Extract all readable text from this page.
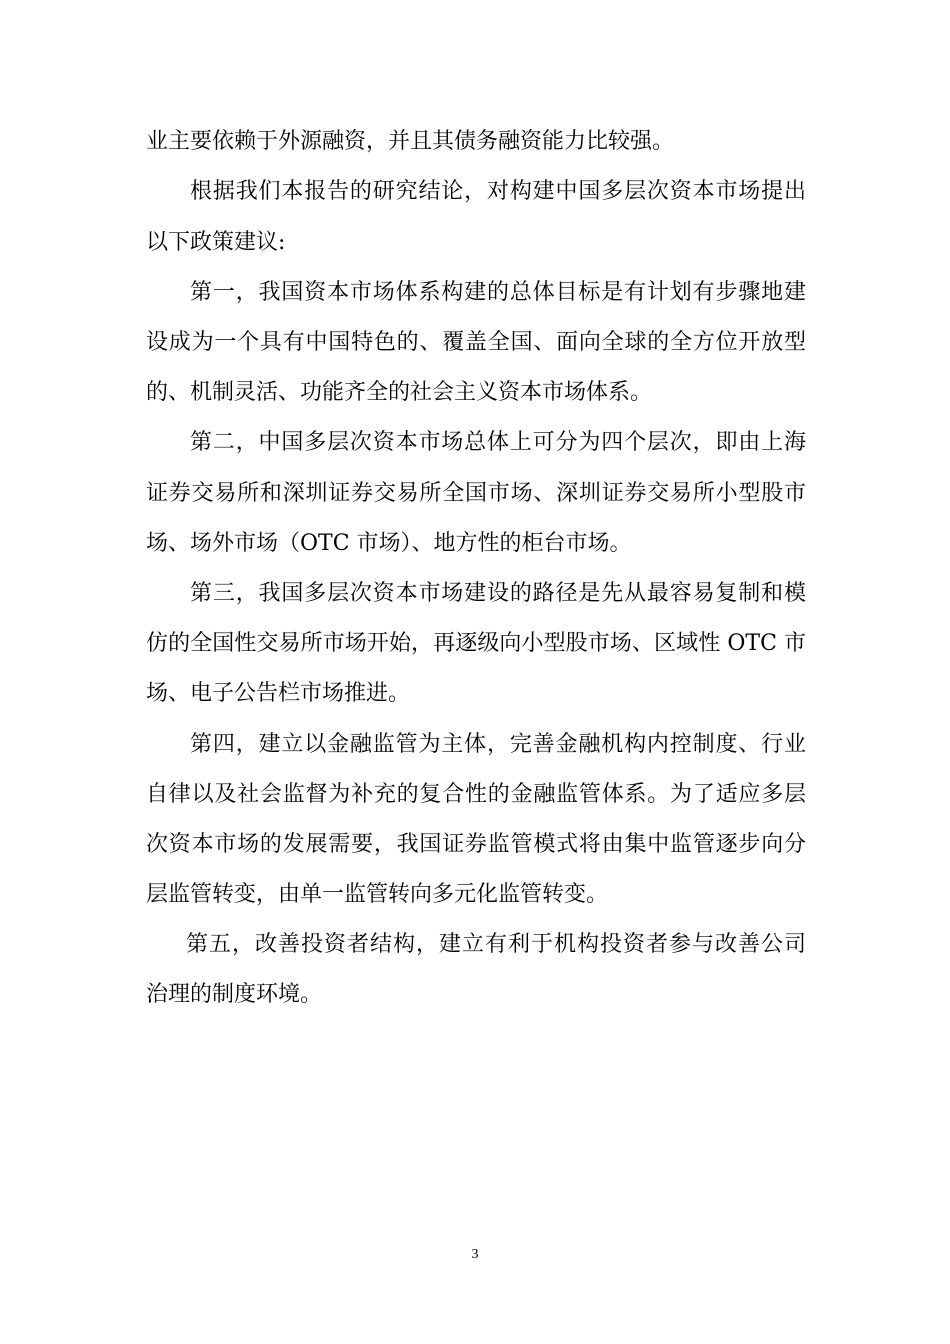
业主要依赖于外源融资，并且其债务融资能力比较强。
根据我们本报告的研究结论，对构建中国多层次资本市场提出
以下政策建议:
第一，我国资本市场体系构建的总体目标是有计划有步骤地建
设成为一个具有中国特色的、覆盖全国、面向全球的全方位开放型
的、机制灵活、功能齐全的社会主义资本市场体系。
第二，中国多层次资本市场总体上可分为四个层次，即由上海
证券交易所和深圳证券交易所全国市场、深圳证券交易所小型股市
场、场外市场（OTC 市场）、地方性的柜台市场。
第三，我国多层次资本市场建设的路径是先从最容易复制和模
仿的全国性交易所市场开始，再逐级向小型股市场、区域性 OTC 市
场、电子公告栏市场推进。
第四，建立以金融监管为主体，完善金融机构内控制度、行业
自律以及社会监督为补充的复合性的金融监管体系。为了适应多层
次资本市场的发展需要，我国证券监管模式将由集中监管逐步向分
层监管转变，由单一监管转向多元化监管转变。
第五，改善投资者结构，建立有利于机构投资者参与改善公司
治理的制度环境。
3
